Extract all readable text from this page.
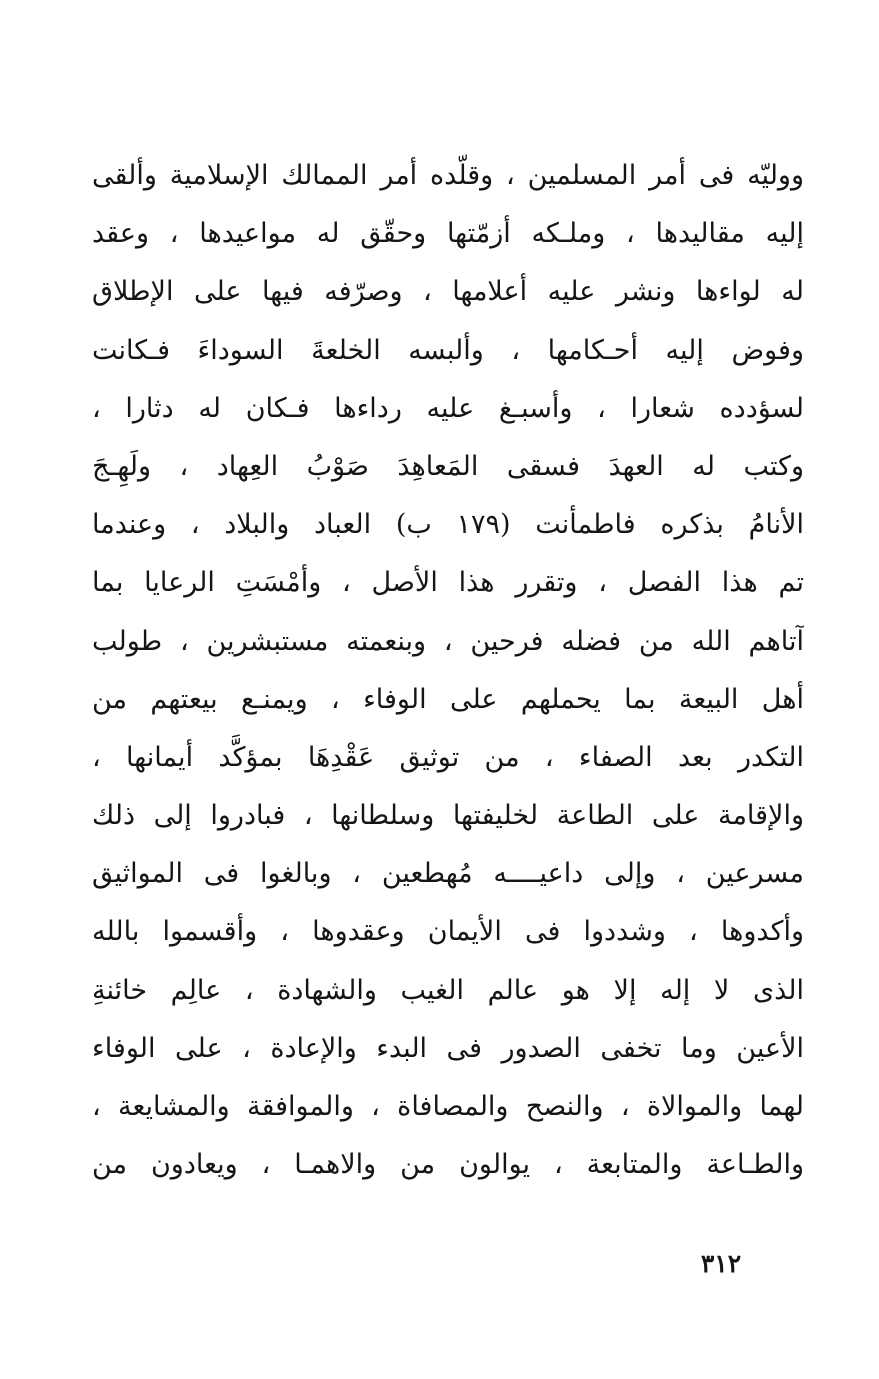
ووليّه فى أمر المسلمين ، وقلّده أمر الممالك الإسلامية وألقى
إليه مقاليدها ، وملـكه أزمّتها وحقّق له مواعيدها ، وعقد
له لواءها ونشر عليه أعلامها ، وصرّفه فيها على الإطلاق
وفوض إليه أحـكامها ، وألبسه الخلعةَ السوداءَ فـكانت
لسؤدده شعارا ، وأسبـغ عليه رداءها فـكان له دثارا ،
وكتب له العهدَ فسقى المَعاهِدَ صَوْبُ العِهاد ، ولَهِـجَ
الأنامُ بذكره فاطمأنت (١٧٩ ب) العباد والبلاد ، وعندما
تم هذا الفصل ، وتقرر هذا الأصل ، وأمْسَتِ الرعايا بما
آتاهم الله من فضله فرحين ، وبنعمته مستبشرين ، طولب
أهل البيعة بما يحملهم على الوفاء ، ويمنـع بيعتهم من
التكدر بعد الصفاء ، من توثيق عَقْدِهَا بمؤكَّد أيمانها ،
والإقامة على الطاعة لخليفتها وسلطانها ، فبادروا إلى ذلك
مسرعين ، وإلى داعيــــه مُهطعين ، وبالغوا فى المواثيق
وأكدوها ، وشددوا فى الأيمان وعقدوها ، وأقسموا بالله
الذى لا إله إلا هو عالم الغيب والشهادة ، عالِم خائنةِ
الأعين وما تخفى الصدور فى البدء والإعادة ، على الوفاء
لهما والموالاة ، والنصح والمصافاة ، والموافقة والمشايعة ،
والطـاعة والمتابعة ، يوالون من والاهمـا ، ويعادون من
٣١٢
